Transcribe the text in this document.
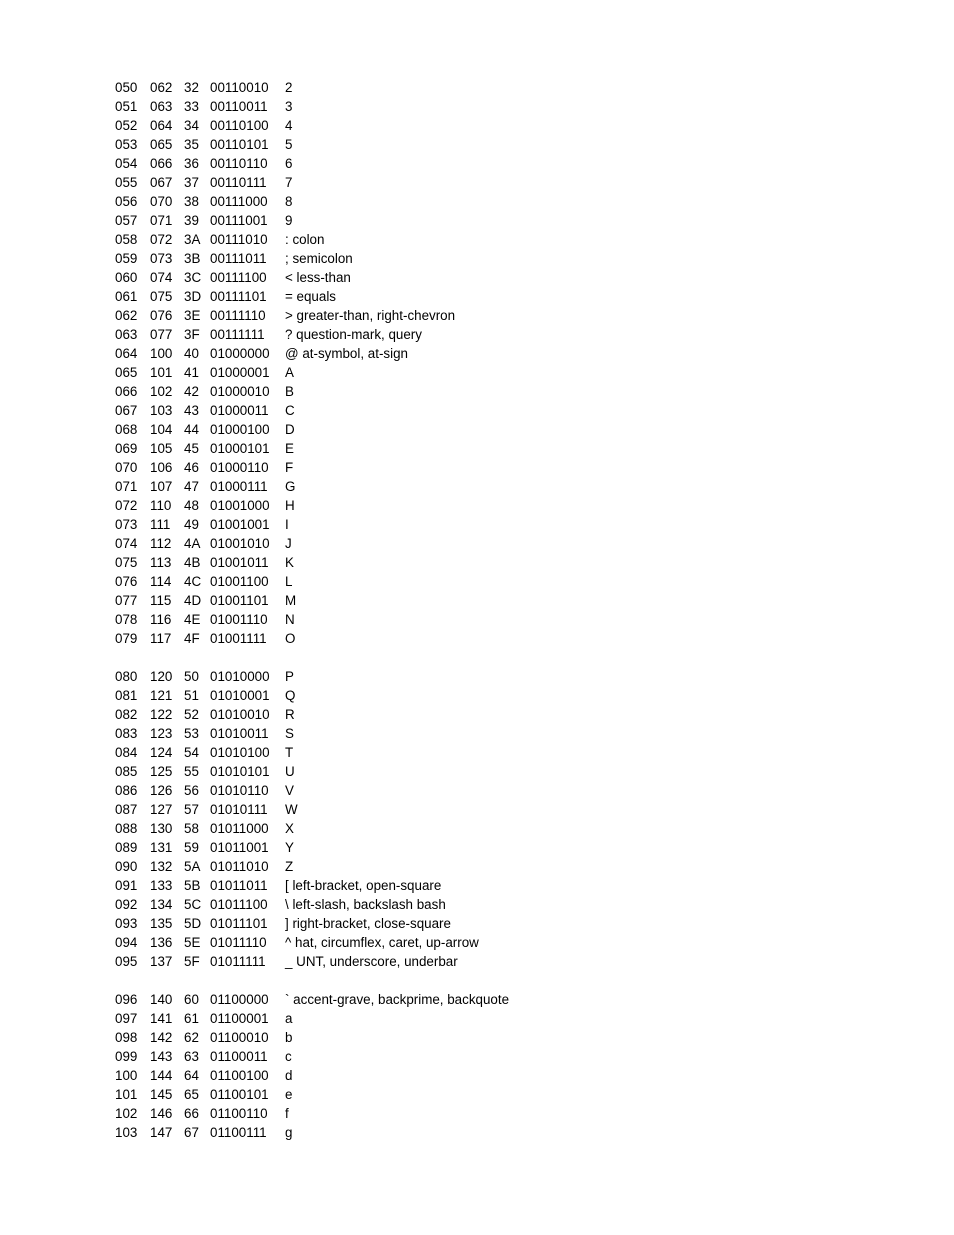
050 062 32 00110010 2
051 063 33 00110011 3
052 064 34 00110100 4
053 065 35 00110101 5
054 066 36 00110110 6
055 067 37 00110111 7
056 070 38 00111000 8
057 071 39 00111001 9
058 072 3A 00111010 : colon
059 073 3B 00111011 ; semicolon
060 074 3C 00111100 < less-than
061 075 3D 00111101 = equals
062 076 3E 00111110 > greater-than, right-chevron
063 077 3F 00111111 ? question-mark, query
064 100 40 01000000 @ at-symbol, at-sign
065 101 41 01000001 A
066 102 42 01000010 B
067 103 43 01000011 C
068 104 44 01000100 D
069 105 45 01000101 E
070 106 46 01000110 F
071 107 47 01000111 G
072 110 48 01001000 H
073 111 49 01001001 I
074 112 4A 01001010 J
075 113 4B 01001011 K
076 114 4C 01001100 L
077 115 4D 01001101 M
078 116 4E 01001110 N
079 117 4F 01001111 O
080 120 50 01010000 P
081 121 51 01010001 Q
082 122 52 01010010 R
083 123 53 01010011 S
084 124 54 01010100 T
085 125 55 01010101 U
086 126 56 01010110 V
087 127 57 01010111 W
088 130 58 01011000 X
089 131 59 01011001 Y
090 132 5A 01011010 Z
091 133 5B 01011011 [ left-bracket, open-square
092 134 5C 01011100 \ left-slash, backslash bash
093 135 5D 01011101 ] right-bracket, close-square
094 136 5E 01011110 ^ hat, circumflex, caret, up-arrow
095 137 5F 01011111 _ UNT, underscore, underbar
096 140 60 01100000 ` accent-grave, backprime, backquote
097 141 61 01100001 a
098 142 62 01100010 b
099 143 63 01100011 c
100 144 64 01100100 d
101 145 65 01100101 e
102 146 66 01100110 f
103 147 67 01100111 g
